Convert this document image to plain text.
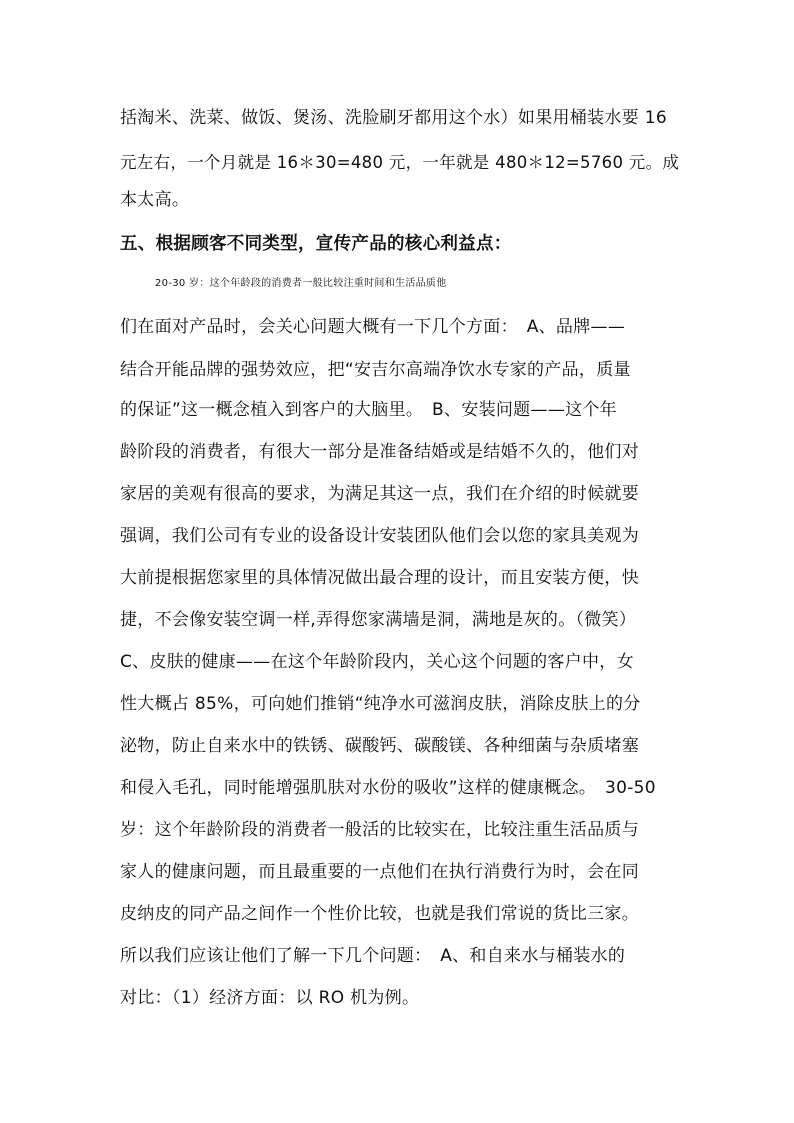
括淘米、洗菜、做饭、煲汤、洗脸刷牙都用这个水）如果用桶装水要 16
元左右，一个月就是 16＊30=480 元，一年就是 480＊12=5760 元。成
本太高。
五、根据顾客不同类型，宣传产品的核心利益点：
20-30 岁：这个年龄段的消费者一般比较注重时间和生活品质他
们在面对产品时，会关心问题大概有一下几个方面：　A、品牌——
结合开能品牌的强势效应，把“安吉尔高端净饮水专家的产品，质量
的保证”这一概念植入到客户的大脑里。　B、安装问题——这个年
龄阶段的消费者，有很大一部分是准备结婚或是结婚不久的，他们对
家居的美观有很高的要求，为满足其这一点，我们在介绍的时候就要
强调，我们公司有专业的设备设计安装团队他们会以您的家具美观为
大前提根据您家里的具体情况做出最合理的设计，而且安装方便，快
捷，不会像安装空调一样,弄得您家满墙是洞，满地是灰的。（微笑）
C、皮肤的健康——在这个年龄阶段内，关心这个问题的客户中，女
性大概占 85%，可向她们推销“纯净水可滋润皮肤，消除皮肤上的分
泌物，防止自来水中的铁锈、碳酸钙、碳酸镁、各种细菌与杂质堵塞
和侵入毛孔，同时能增强肌肤对水份的吸收”这样的健康概念。　30-50
岁：这个年龄阶段的消费者一般活的比较实在，比较注重生活品质与
家人的健康问题，而且最重要的一点他们在执行消费行为时，会在同
皮纳皮的同产品之间作一个性价比较，也就是我们常说的货比三家。
所以我们应该让他们了解一下几个问题：　A、和自来水与桶装水的
对比：（1）经济方面：以 RO 机为例。
